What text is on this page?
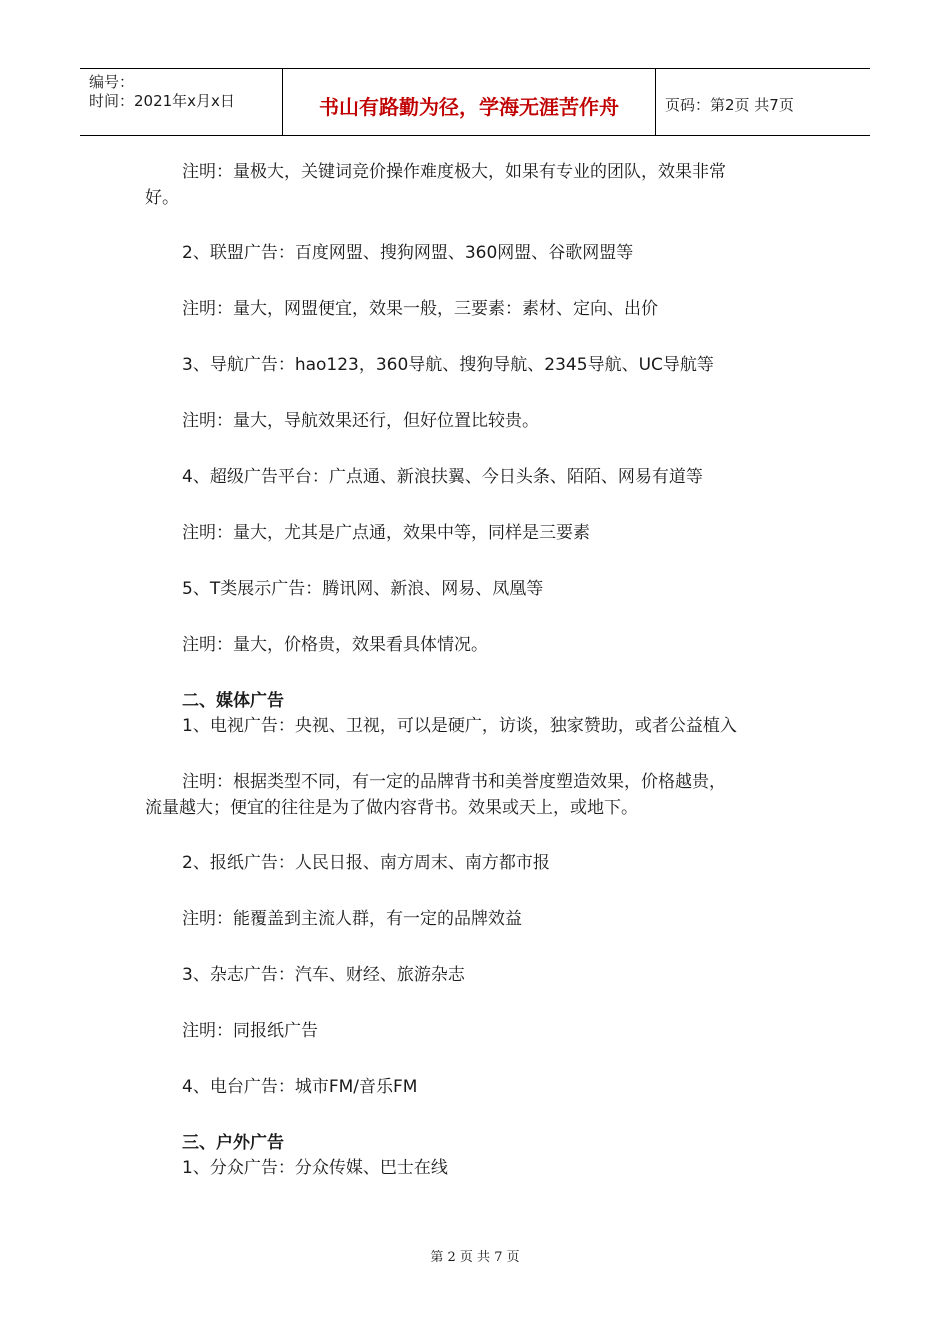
编号：
时间：2021年x月x日	书山有路勤为径，学海无涯苦作舟	页码：第2页 共7页
注明：量极大，关键词竞价操作难度极大，如果有专业的团队，效果非常
好。
2、联盟广告：百度网盟、搜狗网盟、360网盟、谷歌网盟等
注明：量大，网盟便宜，效果一般，三要素：素材、定向、出价
3、导航广告：hao123，360导航、搜狗导航、2345导航、UC导航等
注明：量大，导航效果还行，但好位置比较贵。
4、超级广告平台：广点通、新浪扶翼、今日头条、陌陌、网易有道等
注明：量大，尤其是广点通，效果中等，同样是三要素
5、T类展示广告：腾讯网、新浪、网易、凤凰等
注明：量大，价格贵，效果看具体情况。
二、媒体广告
1、电视广告：央视、卫视，可以是硬广，访谈，独家赞助，或者公益植入
注明：根据类型不同，有一定的品牌背书和美誉度塑造效果，价格越贵，
流量越大；便宜的往往是为了做内容背书。效果或天上，或地下。
2、报纸广告：人民日报、南方周末、南方都市报
注明：能覆盖到主流人群，有一定的品牌效益
3、杂志广告：汽车、财经、旅游杂志
注明：同报纸广告
4、电台广告：城市FM/音乐FM
三、户外广告
1、分众广告：分众传媒、巴士在线
第 2 页 共 7 页
